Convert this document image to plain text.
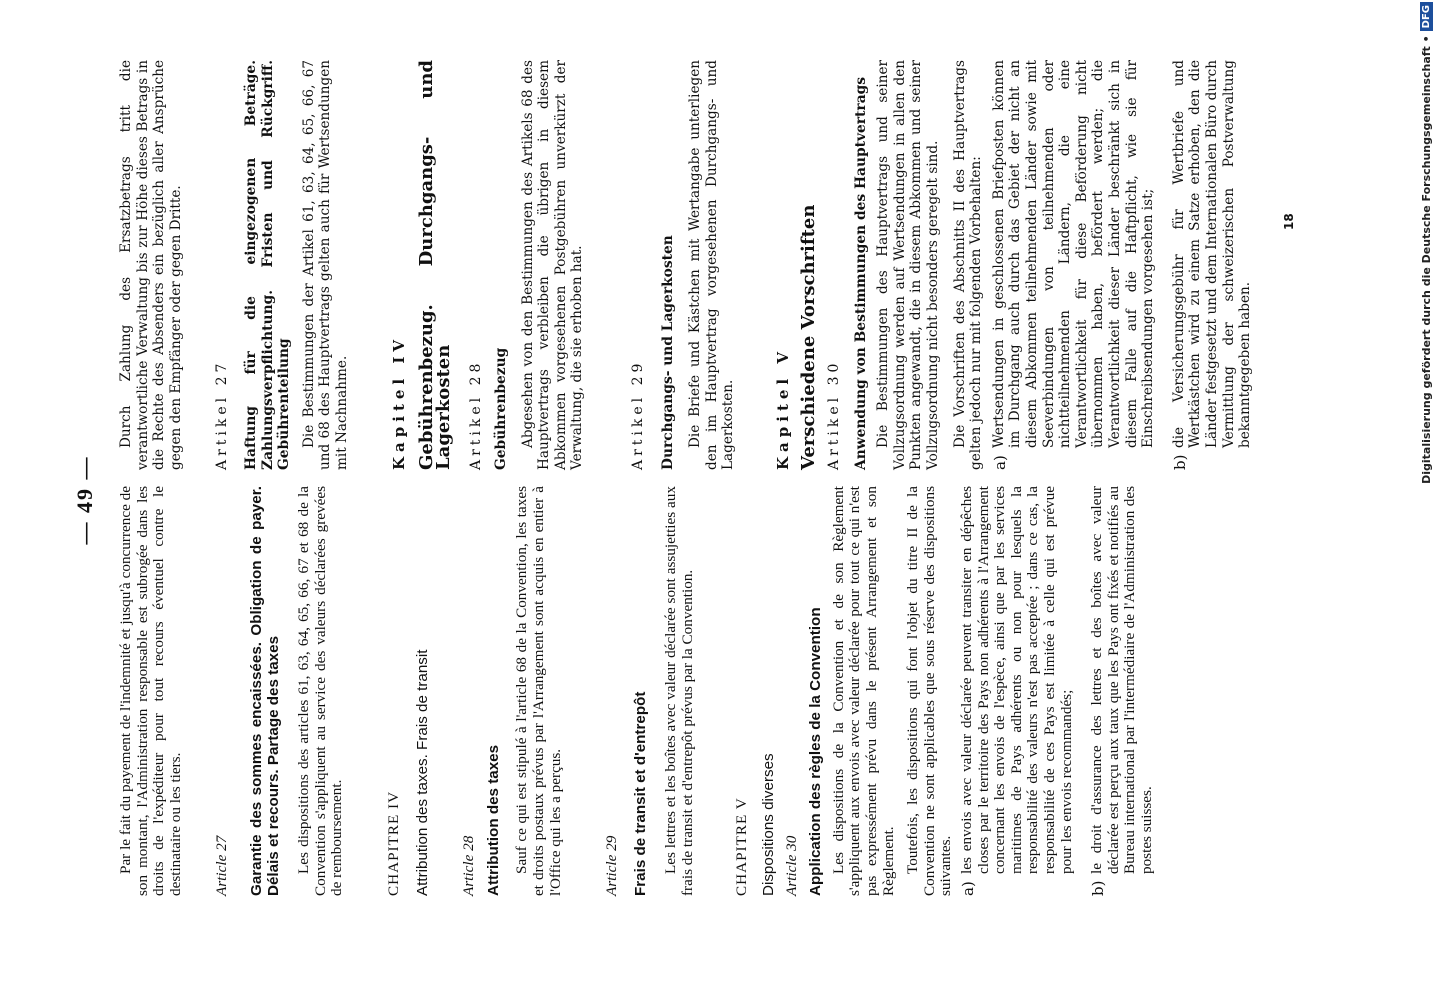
— 49 — Par le fait du payement de l'indemnité et jusqu'à concurrence de son montant, l'Administration responsable est subrogée dans les droits de l'expéditeur pour tout recours éventuel contre le destinataire ou les tiers. Article 27 Garantie des sommes encaissées. Obligation de payer. Délais et recours. Partage des taxes Les dispositions des articles 61, 63, 64, 65, 66, 67 et 68 de la Convention s'appliquent au service des valeurs déclarées grevées de remboursement.	CHAPITRE IV Attribution des taxes. Frais de transit Article 28 Attribution des taxes Sauf ce qui est stipulé à l'article 68 de la Convention, les taxes et droits postaux prévus par l'Arrangement sont acquis en entier à l'Office qui les a perçus.	Article 29 Frais de transit et d'entrepôt Les lettres et les boîtes avec valeur déclarée sont assujetties aux frais de transit et d'entrepôt prévus par la Convention. CHAPITRE V Dispositions diverses Article 30 Application des règles de la Convention Les dispositions de la Convention et de son Règlement s'appliquent aux envois avec valeur déclarée pour tout ce qui n'est pas expressément prévu dans le présent Arrangement et son Règlement. Toutefois, les dispositions qui font l'objet du titre II de la Convention ne sont applicables que sous réserve des dispositions suivantes. a)

les envois avec valeur déclarée peuvent transiter en dépêches closes par le territoire des Pays non adhérents à l'Arrangement concernant les envois de l'espèce, ainsi que par les services maritimes de Pays adhérents ou non pour lesquels la responsabilité des valeurs n'est pas acceptée ; dans ce cas, la responsabilité de ces Pays est limitée à celle qui est prévue pour les envois recommandés;

b)

le droit d'assurance des lettres et des boîtes avec valeur déclarée est perçu aux taux que les Pays ont fixés et notifiés au Bureau international par l'intermédiaire de l'Administration des postes suisses.

Durch Zahlung des Ersatzbetrags tritt die verantwortliche Verwaltung bis zur Höhe dieses Betrags in die Rechte des Absenders ein bezüglich aller Ansprüche gegen den Empfänger oder gegen Dritte. Artikel 27 Haftung für die eingezogenen Beträge. Zahlungsverpflichtung. Fristen und Rückgriff. Gebührenteilung Die Bestimmungen der Artikel 61, 63, 64, 65, 66, 67 und 68 des Hauptvertrags gelten auch für Wertsendungen mit Nachnahme.	Kapitel IV Gebührenbezug. Durchgangs- und Lagerkosten Artikel 28 Gebührenbezug Abgesehen von den Bestimmungen des Artikels 68 des Hauptvertrags verbleiben die übrigen in diesem Abkommen vorgesehenen Postgebühren unverkürzt der Verwaltung, die sie erhoben hat.	Artikel 29 Durchgangs- und Lagerkosten Die Briefe und Kästchen mit Wertangabe unterliegen den im Hauptvertrag vorgesehenen Durchgangs- und Lagerkosten.	Kapitel V Verschiedene Vorschriften Artikel 30 Anwendung von Bestimmungen des Hauptvertrags Die Bestimmungen des Hauptvertrags und seiner Vollzugsordnung werden auf Wertsendungen in allen den Punkten angewandt, die in diesem Abkommen und seiner Vollzugsordnung nicht besonders geregelt sind. Die Vorschriften des Abschnitts II des Hauptvertrags gelten jedoch nur mit folgenden Vorbehalten: a)

Wertsendungen in geschlossenen Briefposten können im Durchgang auch durch das Gebiet der nicht an diesem Abkommen teilnehmenden Länder sowie mit Seeverbindungen von teilnehmenden oder nichtteilnehmenden Ländern, die eine Verantwortlichkeit für diese Beförderung nicht übernommen haben, befördert werden; die Verantwortlichkeit dieser Länder beschränkt sich in diesem Falle auf die Haftpflicht, wie sie für Einschreibsendungen vorgesehen ist;

b)

die Versicherungsgebühr für Wertbriefe und Wertkästchen wird zu einem Satze erhoben, den die Länder festgesetzt und dem Internationalen Büro durch Vermittlung der schweizerischen Postverwaltung bekanntgegeben haben.

18	Digitalisierung gefördert durch die Deutsche Forschungsgemeinschaft •
DFG
